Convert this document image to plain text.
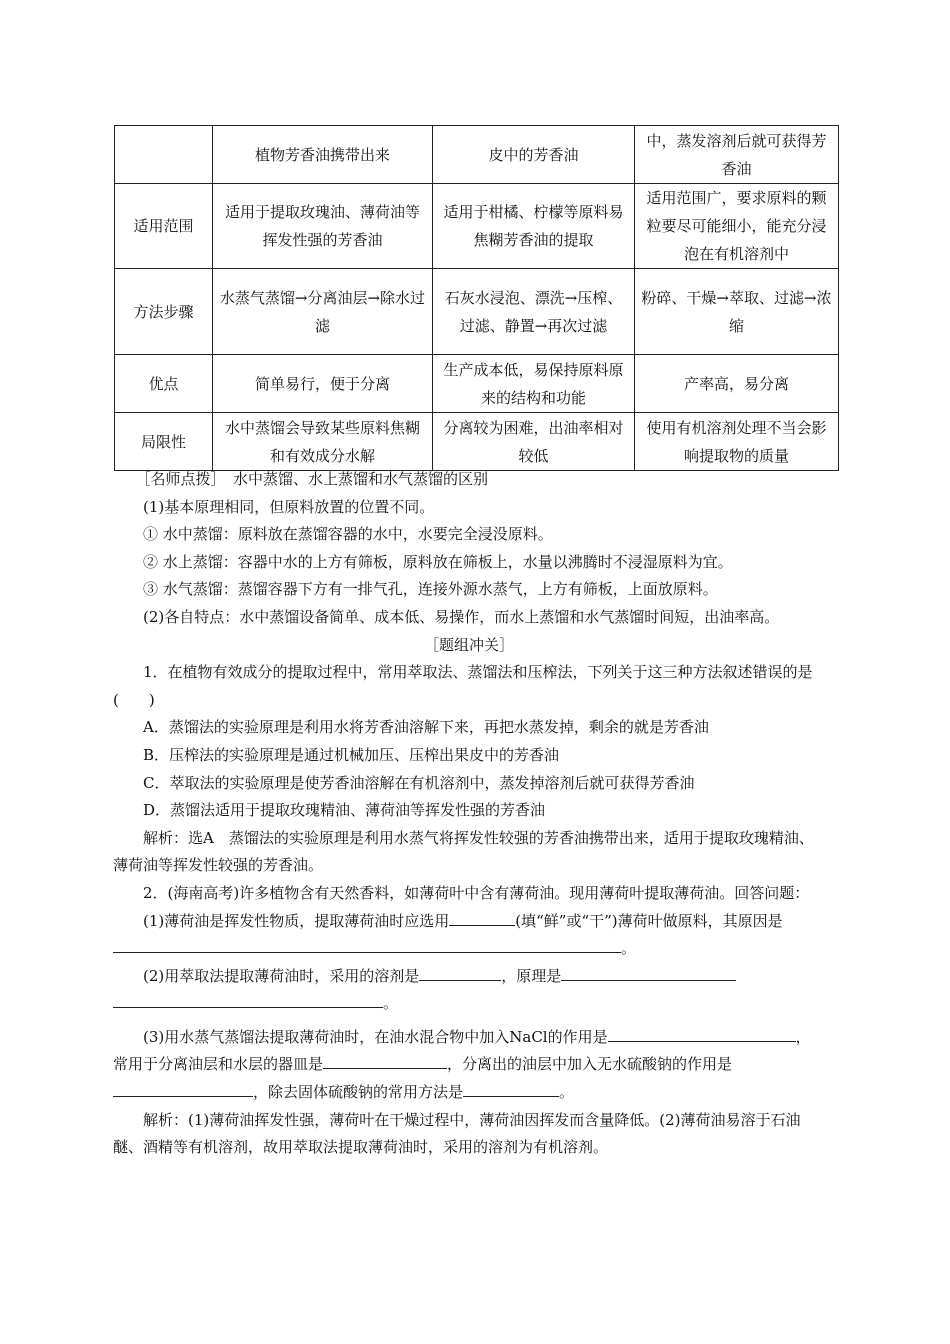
	植物芳香油携带出来	皮中的芳香油	中，蒸发溶剂后就可获得芳香油
适用范围	适用于提取玫瑰油、薄荷油等挥发性强的芳香油	适用于柑橘、柠檬等原料易焦糊芳香油的提取	适用范围广，要求原料的颗粒要尽可能细小，能充分浸泡在有机溶剂中
方法步骤	水蒸气蒸馏→分离油层→除水过滤	石灰水浸泡、漂洗→压榨、过滤、静置→再次过滤	粉碎、干燥→萃取、过滤→浓缩
优点	简单易行，便于分离	生产成本低，易保持原料原来的结构和功能	产率高，易分离
局限性	水中蒸馏会导致某些原料焦糊和有效成分水解	分离较为困难，出油率相对较低	使用有机溶剂处理不当会影响提取物的质量

［名师点拨］　水中蒸馏、水上蒸馏和水气蒸馏的区别

(1)基本原理相同，但原料放置的位置不同。

① 水中蒸馏：原料放在蒸馏容器的水中，水要完全浸没原料。

② 水上蒸馏：容器中水的上方有筛板，原料放在筛板上，水量以沸腾时不浸湿原料为宜。

③ 水气蒸馏：蒸馏容器下方有一排气孔，连接外源水蒸气，上方有筛板，上面放原料。

(2)各自特点：水中蒸馏设备简单、成本低、易操作，而水上蒸馏和水气蒸馏时间短，出油率高。

［题组冲关］

1．在植物有效成分的提取过程中，常用萃取法、蒸馏法和压榨法，下列关于这三种方法叙述错误的是(　　)

A．蒸馏法的实验原理是利用水将芳香油溶解下来，再把水蒸发掉，剩余的就是芳香油

B．压榨法的实验原理是通过机械加压、压榨出果皮中的芳香油

C．萃取法的实验原理是使芳香油溶解在有机溶剂中，蒸发掉溶剂后就可获得芳香油

D．蒸馏法适用于提取玫瑰精油、薄荷油等挥发性强的芳香油

解析：选A　蒸馏法的实验原理是利用水蒸气将挥发性较强的芳香油携带出来，适用于提取玫瑰精油、薄荷油等挥发性较强的芳香油。

2．(海南高考)许多植物含有天然香料，如薄荷叶中含有薄荷油。现用薄荷叶提取薄荷油。回答问题：

(1)薄荷油是挥发性物质，提取薄荷油时应选用	(填“鲜”或“干”)薄荷叶做原料，其原因是。

(2)用萃取法提取薄荷油时，采用的溶剂是	，原理是。

(3)用水蒸气蒸馏法提取薄荷油时，在油水混合物中加入NaCl的作用是	，常用于分离油层和水层的器皿是	，分离出的油层中加入无水硫酸钠的作用是，除去固体硫酸钠的常用方法是	。

解析：(1)薄荷油挥发性强，薄荷叶在干燥过程中，薄荷油因挥发而含量降低。(2)薄荷油易溶于石油醚、酒精等有机溶剂，故用萃取法提取薄荷油时，采用的溶剂为有机溶剂。
